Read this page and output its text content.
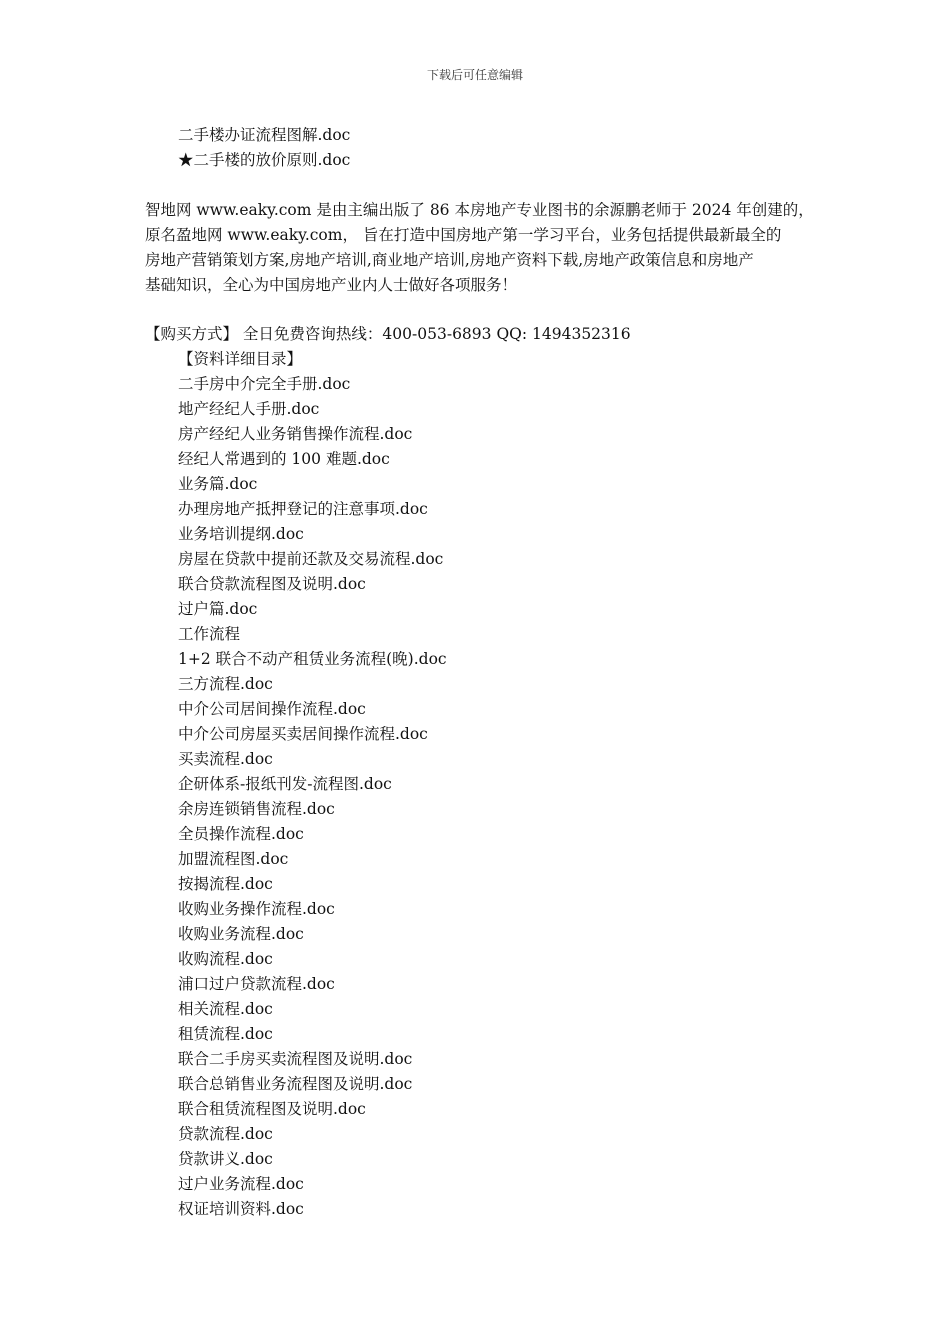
下载后可任意编辑
二手楼办证流程图解.doc
★二手楼的放价原则.doc
智地网 www.eaky.com 是由主编出版了 86 本房地产专业图书的余源鹏老师于 2024 年创建的，
原名盈地网 www.eaky.com， 旨在打造中国房地产第一学习平台，业务包括提供最新最全的
房地产营销策划方案,房地产培训,商业地产培训,房地产资料下载,房地产政策信息和房地产
基础知识，全心为中国房地产业内人士做好各项服务！
【购买方式】 全日免费咨询热线：400-053-6893 QQ: 1494352316
【资料详细目录】
二手房中介完全手册.doc
地产经纪人手册.doc
房产经纪人业务销售操作流程.doc
经纪人常遇到的 100 难题.doc
业务篇.doc
办理房地产抵押登记的注意事项.doc
业务培训提纲.doc
房屋在贷款中提前还款及交易流程.doc
联合贷款流程图及说明.doc
过户篇.doc
工作流程
1+2 联合不动产租赁业务流程(晚).doc
三方流程.doc
中介公司居间操作流程.doc
中介公司房屋买卖居间操作流程.doc
买卖流程.doc
企研体系-报纸刊发-流程图.doc
余房连锁销售流程.doc
全员操作流程.doc
加盟流程图.doc
按揭流程.doc
收购业务操作流程.doc
收购业务流程.doc
收购流程.doc
浦口过户贷款流程.doc
相关流程.doc
租赁流程.doc
联合二手房买卖流程图及说明.doc
联合总销售业务流程图及说明.doc
联合租赁流程图及说明.doc
贷款流程.doc
贷款讲义.doc
过户业务流程.doc
权证培训资料.doc
